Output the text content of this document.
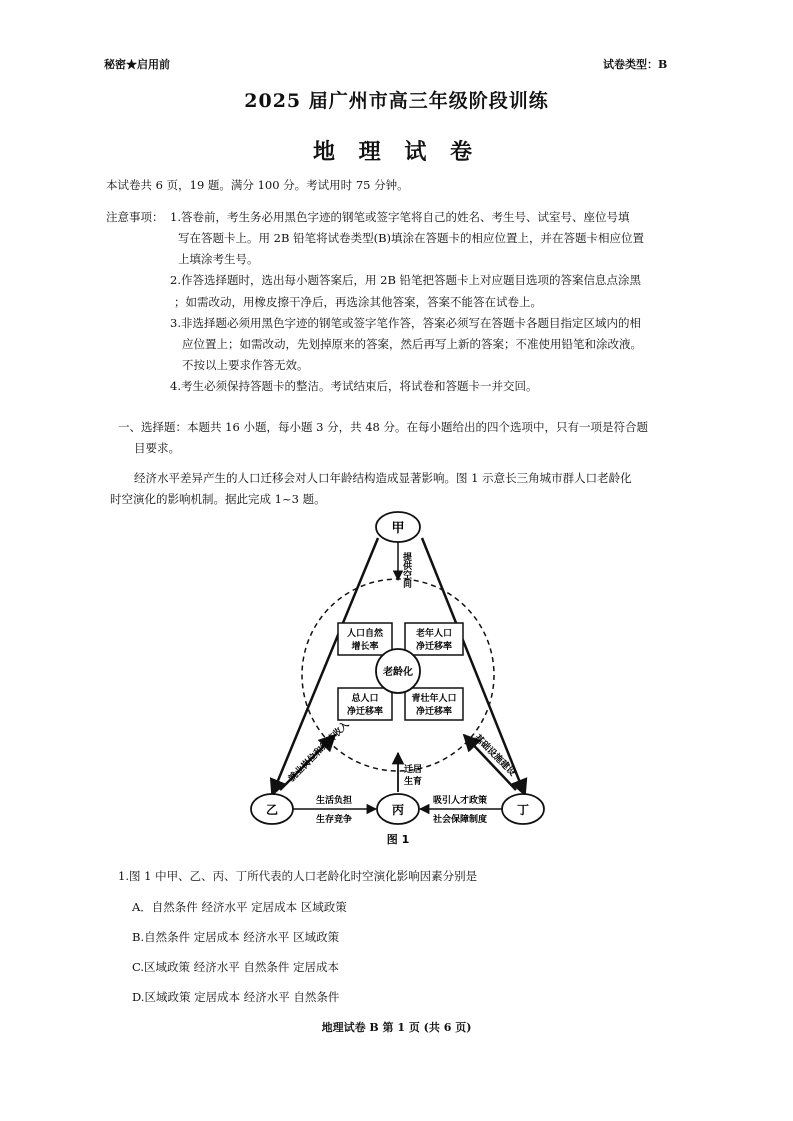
秘密★启用前	试卷类型：B
2025 届广州市高三年级阶段训练
地 理 试 卷
本试卷共 6 页，19 题。满分 100 分。考试用时 75 分钟。
注意事项： 1.答卷前，考生务必用黑色字迹的钢笔或签字笔将自己的姓名、考生号、试室号、座位号填
写在答题卡上。用 2B 铅笔将试卷类型(B)填涂在答题卡的相应位置上，并在答题卡相应位置
上填涂考生号。
2.作答选择题时，选出每小题答案后，用 2B 铅笔把答题卡上对应题目选项的答案信息点涂黑
；如需改动，用橡皮擦干净后，再选涂其他答案，答案不能答在试卷上。
3.非选择题必须用黑色字迹的钢笔或签字笔作答，答案必须写在答题卡各题目指定区域内的相
应位置上；如需改动，先划掉原来的答案，然后再写上新的答案；不准使用铅笔和涂改液。
不按以上要求作答无效。
4.考生必须保持答题卡的整洁。考试结束后，将试卷和答题卡一并交回。
一、选择题：本题共 16 小题，每小题 3 分，共 48 分。在每小题给出的四个选项中，只有一项是符合题
目要求。
经济水平差异产生的人口迁移会对人口年龄结构造成显著影响。图 1 示意长三角城市群人口老龄化
时空演化的影响机制。据此完成 1~3 题。
甲
提供空间
人口自然
增长率
老年人口
净迁移率
总人口
净迁移率
青壮年人口
净迁移率
老龄化
就业岗位和经济收入	基础设施建设
迁居
生育
生活负担
生存竞争
吸引人才政策
社会保障制度
乙	丙	丁
图 1
1.图 1 中甲、乙、丙、丁所代表的人口老龄化时空演化影响因素分别是
A．自然条件 经济水平 定居成本 区域政策
B.自然条件 定居成本 经济水平 区域政策
C.区域政策 经济水平 自然条件 定居成本
D.区域政策 定居成本 经济水平 自然条件
地理试卷 B 第 1 页 (共 6 页)
